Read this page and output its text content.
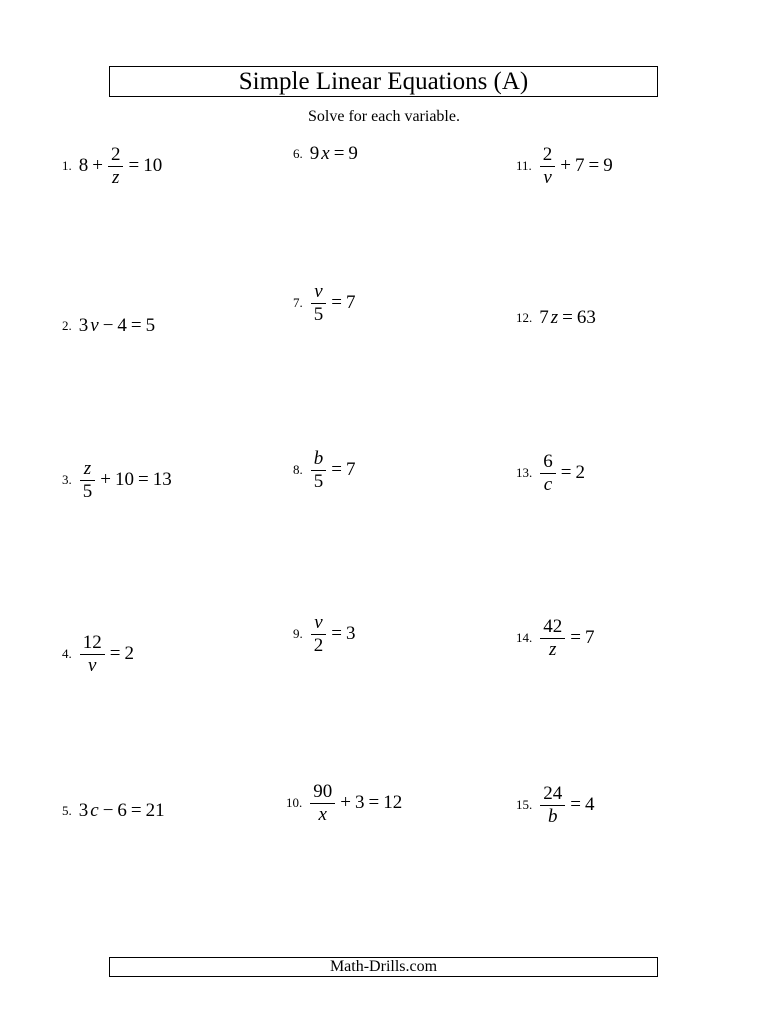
Simple Linear Equations (A)
Solve for each variable.
1. $8 + \frac{2}{z} = 10$
2. 3 v − 4 = 5
3. $\frac{z}{5} + 10 = 13$
4. $\frac{12}{v} = 2$
5. 3 c − 6 = 21
6. 9 x = 9
7. $\frac{v}{5} = 7$
8. $\frac{b}{5} = 7$
9. $\frac{v}{2} = 3$
10. $\frac{90}{x} + 3 = 12$
11. $\frac{2}{v} + 7 = 9$
12. 7 z = 63
13. $\frac{6}{c} = 2$
14. $\frac{42}{z} = 7$
15. $\frac{24}{b} = 4$
Math-Drills.com
